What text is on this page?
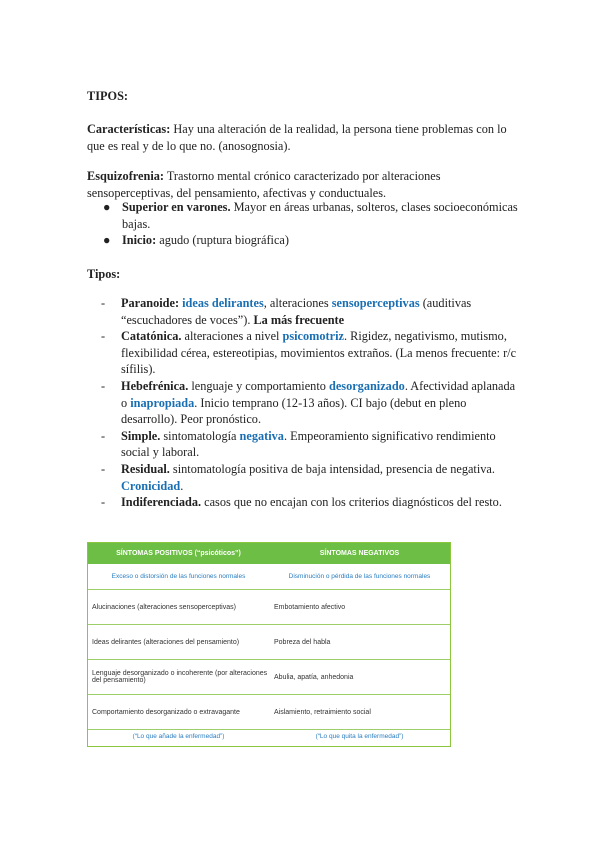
TIPOS:
Características: Hay una alteración de la realidad, la persona tiene problemas con lo que es real y de lo que no. (anosognosia).
Esquizofrenia: Trastorno mental crónico caracterizado por alteraciones sensoperceptivas, del pensamiento, afectivas y conductuales.
● Superior en varones. Mayor en áreas urbanas, solteros, clases socioeconómicas bajas.
● Inicio: agudo (ruptura biográfica)
Tipos:
- Paranoide: ideas delirantes, alteraciones sensoperceptivas (auditivas “escuchadores de voces”). La más frecuente
- Catatónica. alteraciones a nivel psicomotriz. Rigidez, negativismo, mutismo, flexibilidad cérea, estereotipias, movimientos extraños. (La menos frecuente: r/c sífilis).
- Hebefrénica. lenguaje y comportamiento desorganizado. Afectividad aplanada o inapropiada. Inicio temprano (12-13 años). CI bajo (debut en pleno desarrollo). Peor pronóstico.
- Simple. sintomatología negativa. Empeoramiento significativo rendimiento social y laboral.
- Residual. sintomatología positiva de baja intensidad, presencia de negativa. Cronicidad.
- Indiferenciada. casos que no encajan con los criterios diagnósticos del resto.
SÍNTOMAS POSITIVOS (“psicóticos”)	SÍNTOMAS NEGATIVOS
Exceso o distorsión de las funciones normales	Disminución o pérdida de las funciones normales
Alucinaciones (alteraciones sensoperceptivas)	Embotamiento afectivo
Ideas delirantes (alteraciones del pensamiento)	Pobreza del habla
Lenguaje desorganizado o incoherente (por alteraciones del pensamiento)	Abulia, apatía, anhedonia
Comportamiento desorganizado o extravagante	Aislamiento, retraimiento social
(“Lo que añade la enfermedad”)	(“Lo que quita la enfermedad”)
